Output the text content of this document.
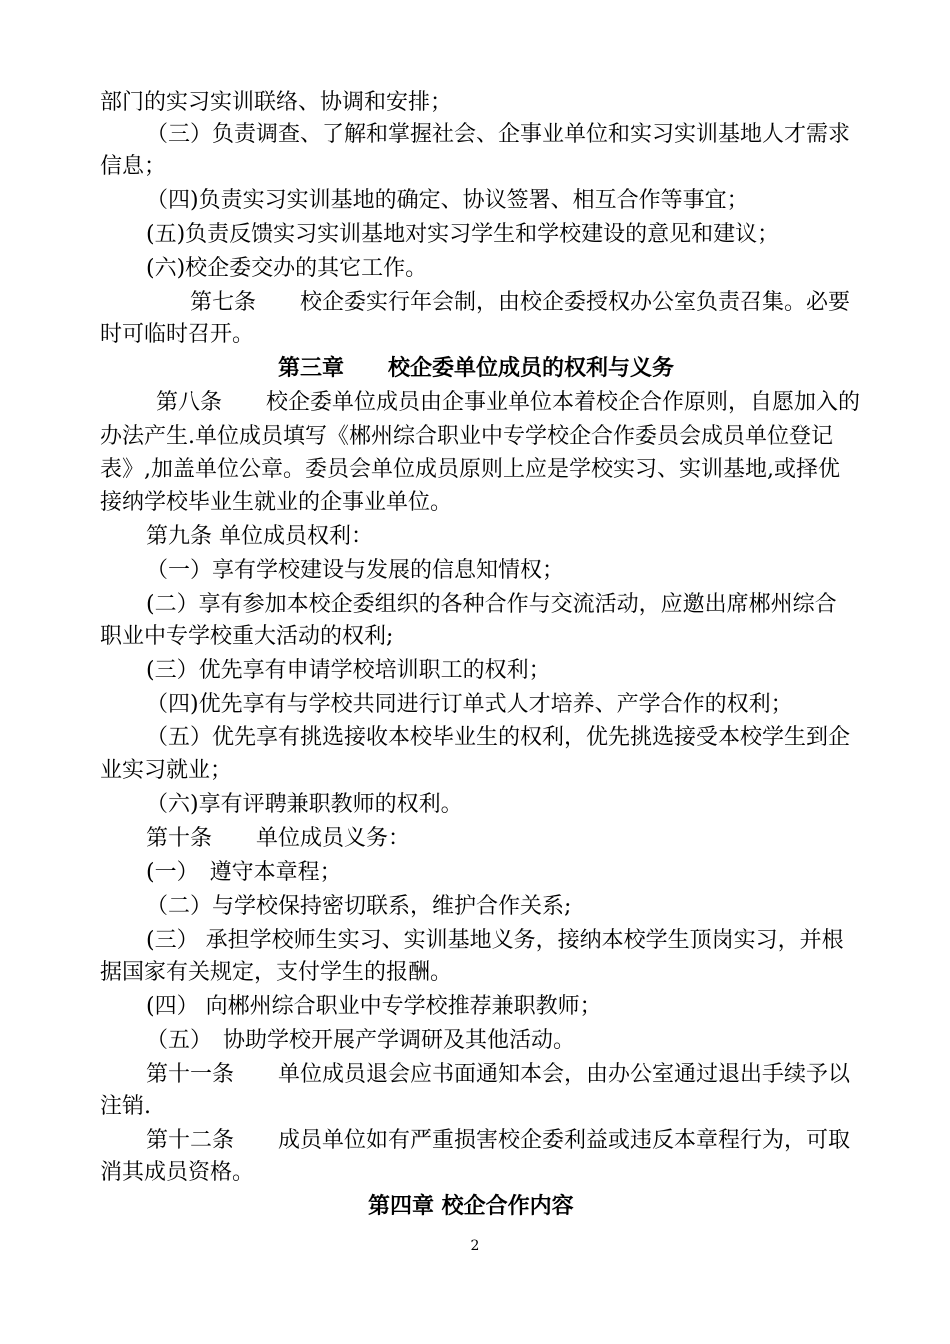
部门的实习实训联络、协调和安排；
（三）负责调查、了解和掌握社会、企事业单位和实习实训基地人才需求
信息；
（四)负责实习实训基地的确定、协议签署、相互合作等事宜；
(五)负责反馈实习实训基地对实习学生和学校建设的意见和建议；
(六)校企委交办的其它工作。
第七条　　校企委实行年会制，由校企委授权办公室负责召集。必要
时可临时召开。
第三章　　校企委单位成员的权利与义务
第八条　　校企委单位成员由企事业单位本着校企合作原则，自愿加入的
办法产生.单位成员填写《郴州综合职业中专学校企合作委员会成员单位登记
表》,加盖单位公章。委员会单位成员原则上应是学校实习、实训基地,或择优
接纳学校毕业生就业的企事业单位。
第九条 单位成员权利：
（一）享有学校建设与发展的信息知情权；
(二）享有参加本校企委组织的各种合作与交流活动，应邀出席郴州综合
职业中专学校重大活动的权利;
(三）优先享有申请学校培训职工的权利；
（四)优先享有与学校共同进行订单式人才培养、产学合作的权利；
（五）优先享有挑选接收本校毕业生的权利，优先挑选接受本校学生到企
业实习就业；
（六)享有评聘兼职教师的权利。
第十条　　单位成员义务：
(一）　遵守本章程；
（二）与学校保持密切联系，维护合作关系;
(三） 承担学校师生实习、实训基地义务，接纳本校学生顶岗实习，并根
据国家有关规定，支付学生的报酬。
(四） 向郴州综合职业中专学校推荐兼职教师；
（五）　协助学校开展产学调研及其他活动。
第十一条　　单位成员退会应书面通知本会，由办公室通过退出手续予以
注销.
第十二条　　成员单位如有严重损害校企委利益或违反本章程行为，可取
消其成员资格。
第四章 校企合作内容
2
